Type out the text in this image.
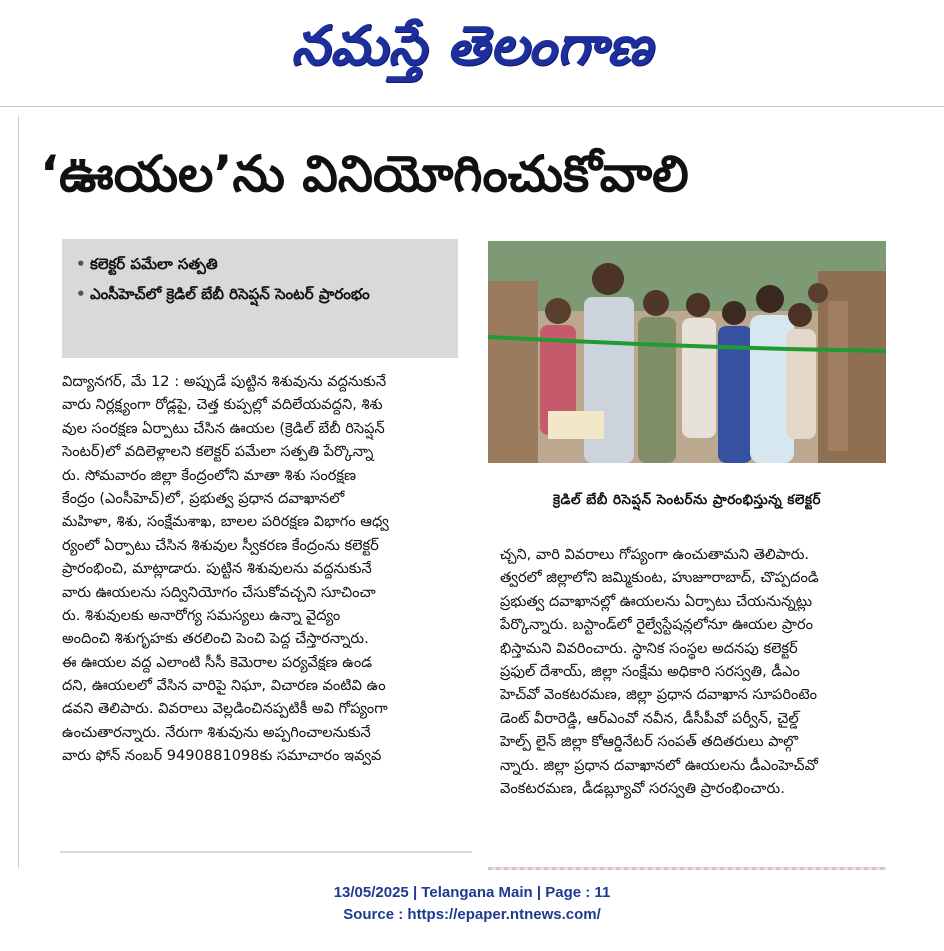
నమస్తే తెలంగాణ
‘ఊయల’ను వినియోగించుకోవాలి
• కలెక్టర్ పమేలా సత్పతి
• ఎంసీహెచ్‌లో క్రెడిల్ బేబీ రిసెప్షన్ సెంటర్ ప్రారంభం
క్రెడిల్ బేబీ రిసెప్షన్ సెంటర్‌ను ప్రారంభిస్తున్న కలెక్టర్
విద్యానగర్, మే 12 : అప్పుడే పుట్టిన శిశువును వద్దనుకునే
వారు నిర్లక్ష్యంగా రోడ్లపై, చెత్త కుప్పల్లో వదిలేయవద్దని, శిశు
వుల సంరక్షణ ఏర్పాటు చేసిన ఊయల (క్రెడిల్ బేబీ రిసెప్షన్
సెంటర్)లో వదిలెళ్లాలని కలెక్టర్ పమేలా సత్పతి పేర్కొన్నా
రు. సోమవారం జిల్లా కేంద్రంలోని మాతా శిశు సంరక్షణ
కేంద్రం (ఎంసీహెచ్)లో, ప్రభుత్వ ప్రధాన దవాఖానలో
మహిళా, శిశు, సంక్షేమశాఖ, బాలల పరిరక్షణ విభాగం ఆధ్వ
ర్యంలో ఏర్పాటు చేసిన శిశువుల స్వీకరణ కేంద్రంను కలెక్టర్
ప్రారంభించి, మాట్లాడారు. పుట్టిన శిశువులను వద్దనుకునే
వారు ఊయలను సద్వినియోగం చేసుకోవచ్చని సూచించా
రు. శిశువులకు అనారోగ్య సమస్యలు ఉన్నా వైద్యం
అందించి శిశుగృహకు తరలించి పెంచి పెద్ద చేస్తారన్నారు.
ఈ ఊయల వద్ద ఎలాంటి సీసీ కెమెరాల పర్యవేక్షణ ఉండ
దని, ఊయలలో వేసిన వారిపై నిఘా, విచారణ వంటివి ఉం
డవని తెలిపారు. వివరాలు వెల్లడించినప్పటికీ అవి గోప్యంగా
ఉంచుతారన్నారు. నేరుగా శిశువును అప్పగించాలనుకునే
వారు ఫోన్ నంబర్ 9490881098కు సమాచారం ఇవ్వవ
చ్చని, వారి వివరాలు గోప్యంగా ఉంచుతామని తెలిపారు.
త్వరలో జిల్లాలోని జమ్మికుంట, హుజూరాబాద్, చొప్పదండి
ప్రభుత్వ దవాఖానల్లో ఊయలను ఏర్పాటు చేయనున్నట్లు
పేర్కొన్నారు. బస్టాండ్‌లో రైల్వేస్టేషన్లలోనూ ఊయల ప్రారం
భిస్తామని వివరించారు. స్థానిక సంస్థల అదనపు కలెక్టర్
ప్రఫుల్ దేశాయ్, జిల్లా సంక్షేమ అధికారి సరస్వతి, డీఎం
హెచ్‌వో వెంకటరమణ, జిల్లా ప్రధాన దవాఖాన సూపరింటెం
డెంట్ వీరారెడ్డి, ఆర్ఎంవో నవీన, డీసీపీవో పర్వీన్, చైల్డ్
హెల్ప్ లైన్ జిల్లా కోఆర్డినేటర్ సంపత్ తదితరులు పాల్గొ
న్నారు. జిల్లా ప్రధాన దవాఖానలో ఊయలను డీఎంహెచ్‌వో
వెంకటరమణ, డీడబ్ల్యూవో సరస్వతి ప్రారంభించారు.
13/05/2025 | Telangana Main | Page : 11
Source : https://epaper.ntnews.com/
